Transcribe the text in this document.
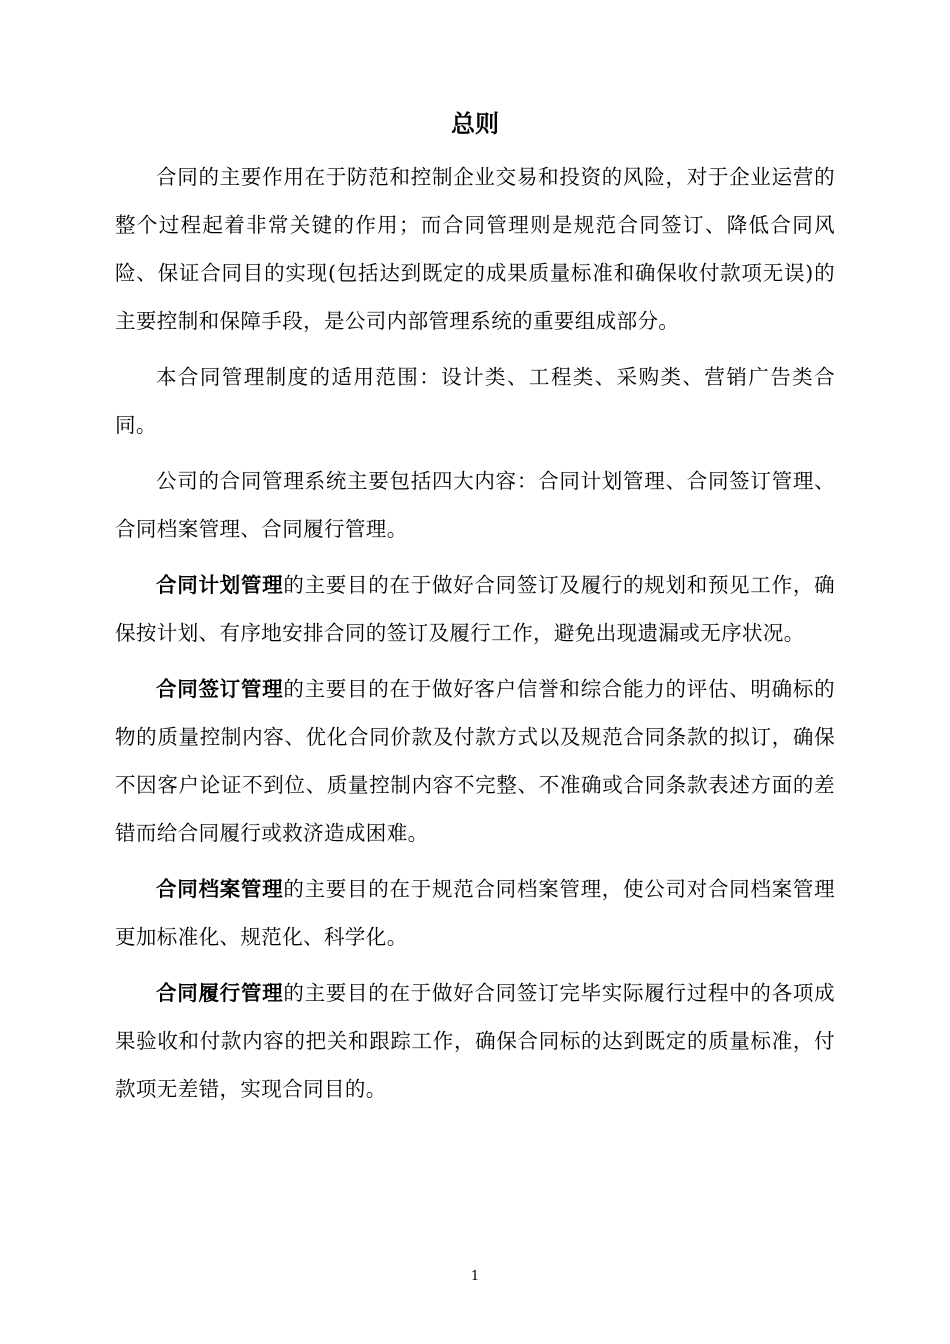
总则

合同的主要作用在于防范和控制企业交易和投资的风险，对于企业运营的整个过程起着非常关键的作用；而合同管理则是规范合同签订、降低合同风险、保证合同目的实现(包括达到既定的成果质量标准和确保收付款项无误)的主要控制和保障手段，是公司内部管理系统的重要组成部分。

本合同管理制度的适用范围：设计类、工程类、采购类、营销广告类合同。

公司的合同管理系统主要包括四大内容：合同计划管理、合同签订管理、合同档案管理、合同履行管理。

合同计划管理的主要目的在于做好合同签订及履行的规划和预见工作，确保按计划、有序地安排合同的签订及履行工作，避免出现遗漏或无序状况。

合同签订管理的主要目的在于做好客户信誉和综合能力的评估、明确标的物的质量控制内容、优化合同价款及付款方式以及规范合同条款的拟订，确保不因客户论证不到位、质量控制内容不完整、不准确或合同条款表述方面的差错而给合同履行或救济造成困难。

合同档案管理的主要目的在于规范合同档案管理，使公司对合同档案管理更加标准化、规范化、科学化。

合同履行管理的主要目的在于做好合同签订完毕实际履行过程中的各项成果验收和付款内容的把关和跟踪工作，确保合同标的达到既定的质量标准，付款项无差错，实现合同目的。

1
